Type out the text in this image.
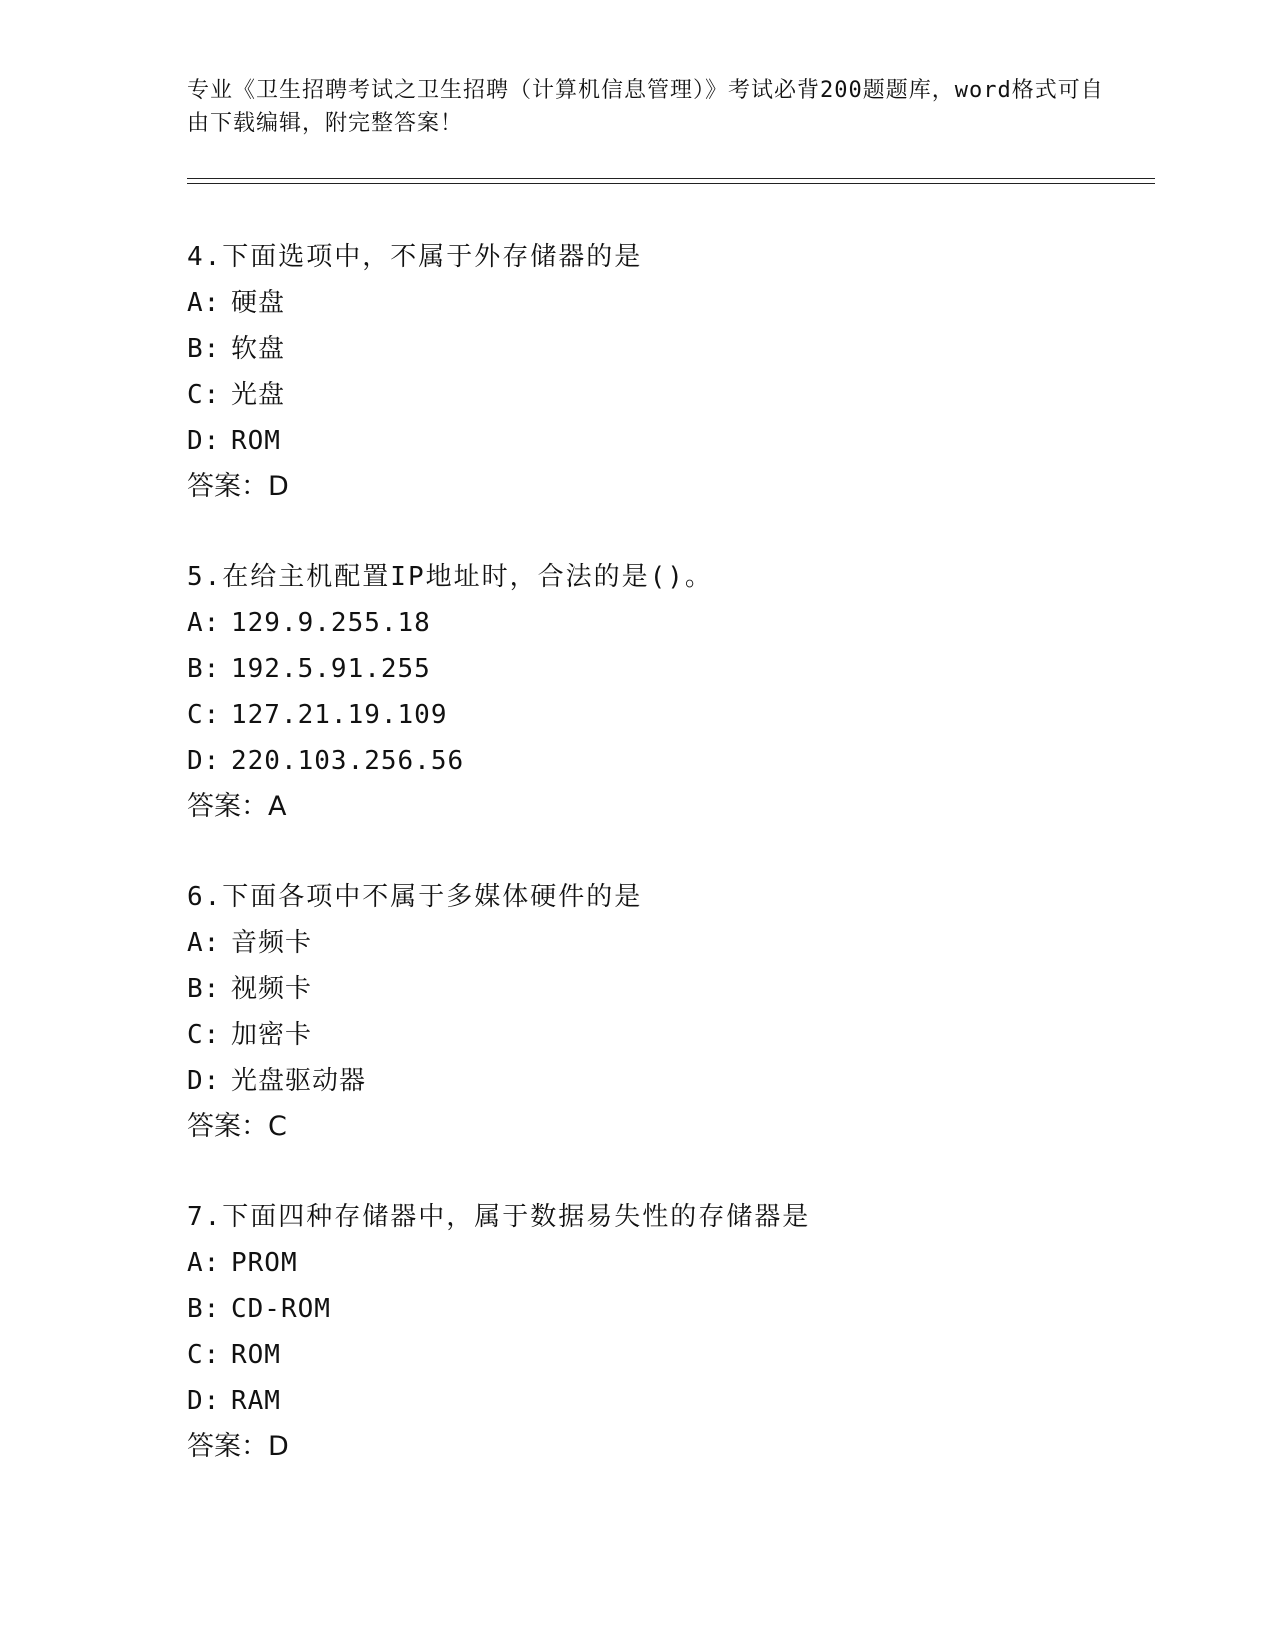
专业《卫生招聘考试之卫生招聘（计算机信息管理）》考试必背200题题库，word格式可自由下载编辑，附完整答案！
4.下面选项中，不属于外存储器的是
A: 硬盘
B: 软盘
C: 光盘
D: ROM
答案：D
5.在给主机配置IP地址时，合法的是()。
A: 129.9.255.18
B: 192.5.91.255
C: 127.21.19.109
D: 220.103.256.56
答案：A
6.下面各项中不属于多媒体硬件的是
A: 音频卡
B: 视频卡
C: 加密卡
D: 光盘驱动器
答案：C
7.下面四种存储器中，属于数据易失性的存储器是
A: PROM
B: CD-ROM
C: ROM
D: RAM
答案：D
